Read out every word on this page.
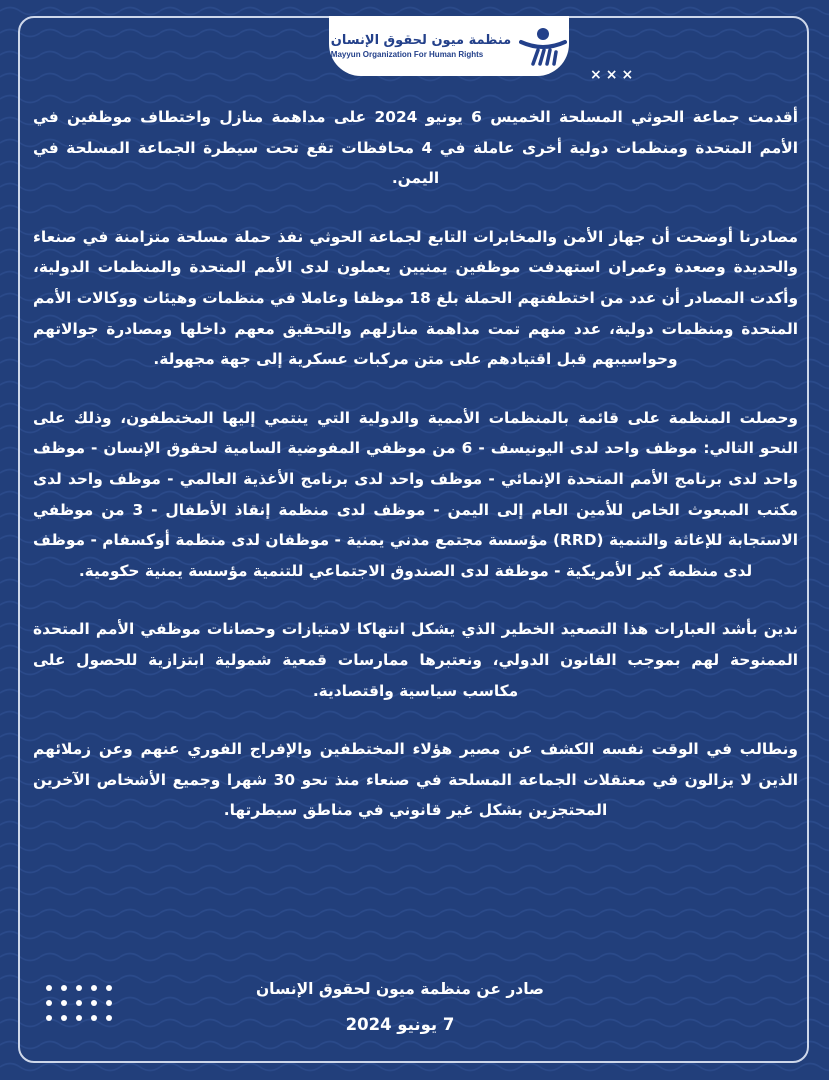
منظمة ميون لحقوق الإنسان
Mayyun Organization For Human Rights
×××

أقدمت جماعة الحوثي المسلحة الخميس 6 يونيو 2024 على مداهمة منازل واختطاف موظفين في الأمم المتحدة ومنظمات دولية أخرى عاملة في 4 محافظات تقع تحت سيطرة الجماعة المسلحة في اليمن.

مصادرنا أوضحت أن جهاز الأمن والمخابرات التابع لجماعة الحوثي نفذ حملة مسلحة متزامنة في صنعاء والحديدة وصعدة وعمران استهدفت موظفين يمنيين يعملون لدى الأمم المتحدة والمنظمات الدولية، وأكدت المصادر أن عدد من اختطفتهم الحملة بلغ 18 موظفا وعاملا في منظمات وهيئات ووكالات الأمم المتحدة ومنظمات دولية، عدد منهم تمت مداهمة منازلهم والتحقيق معهم داخلها ومصادرة جوالاتهم وحواسيبهم قبل اقتيادهم على متن مركبات عسكرية إلى جهة مجهولة.

وحصلت المنظمة على قائمة بالمنظمات الأممية والدولية التي ينتمي إليها المختطفون، وذلك على النحو التالي: موظف واحد لدى اليونيسف - 6 من موظفي المفوضية السامية لحقوق الإنسان - موظف واحد لدى برنامج الأمم المتحدة الإنمائي - موظف واحد لدى برنامج الأغذية العالمي - موظف واحد لدى مكتب المبعوث الخاص للأمين العام إلى اليمن - موظف لدى منظمة إنقاذ الأطفال - 3 من موظفي الاستجابة للإغاثة والتنمية (RRD) مؤسسة مجتمع مدني يمنية - موظفان لدى منظمة أوكسفام - موظف لدى منظمة كير الأمريكية - موظفة لدى الصندوق الاجتماعي للتنمية مؤسسة يمنية حكومية.

ندين بأشد العبارات هذا التصعيد الخطير الذي يشكل انتهاكا لامتيازات وحصانات موظفي الأمم المتحدة الممنوحة لهم بموجب القانون الدولي، ونعتبرها ممارسات قمعية شمولية ابتزازية للحصول على مكاسب سياسية واقتصادية.

ونطالب في الوقت نفسه الكشف عن مصير هؤلاء المختطفين والإفراج الفوري عنهم وعن زملائهم الذين لا يزالون في معتقلات الجماعة المسلحة في صنعاء منذ نحو 30 شهرا وجميع الأشخاص الآخرين المحتجزين بشكل غير قانوني في مناطق سيطرتها.

صادر عن منظمة ميون لحقوق الإنسان
7 يونيو 2024
